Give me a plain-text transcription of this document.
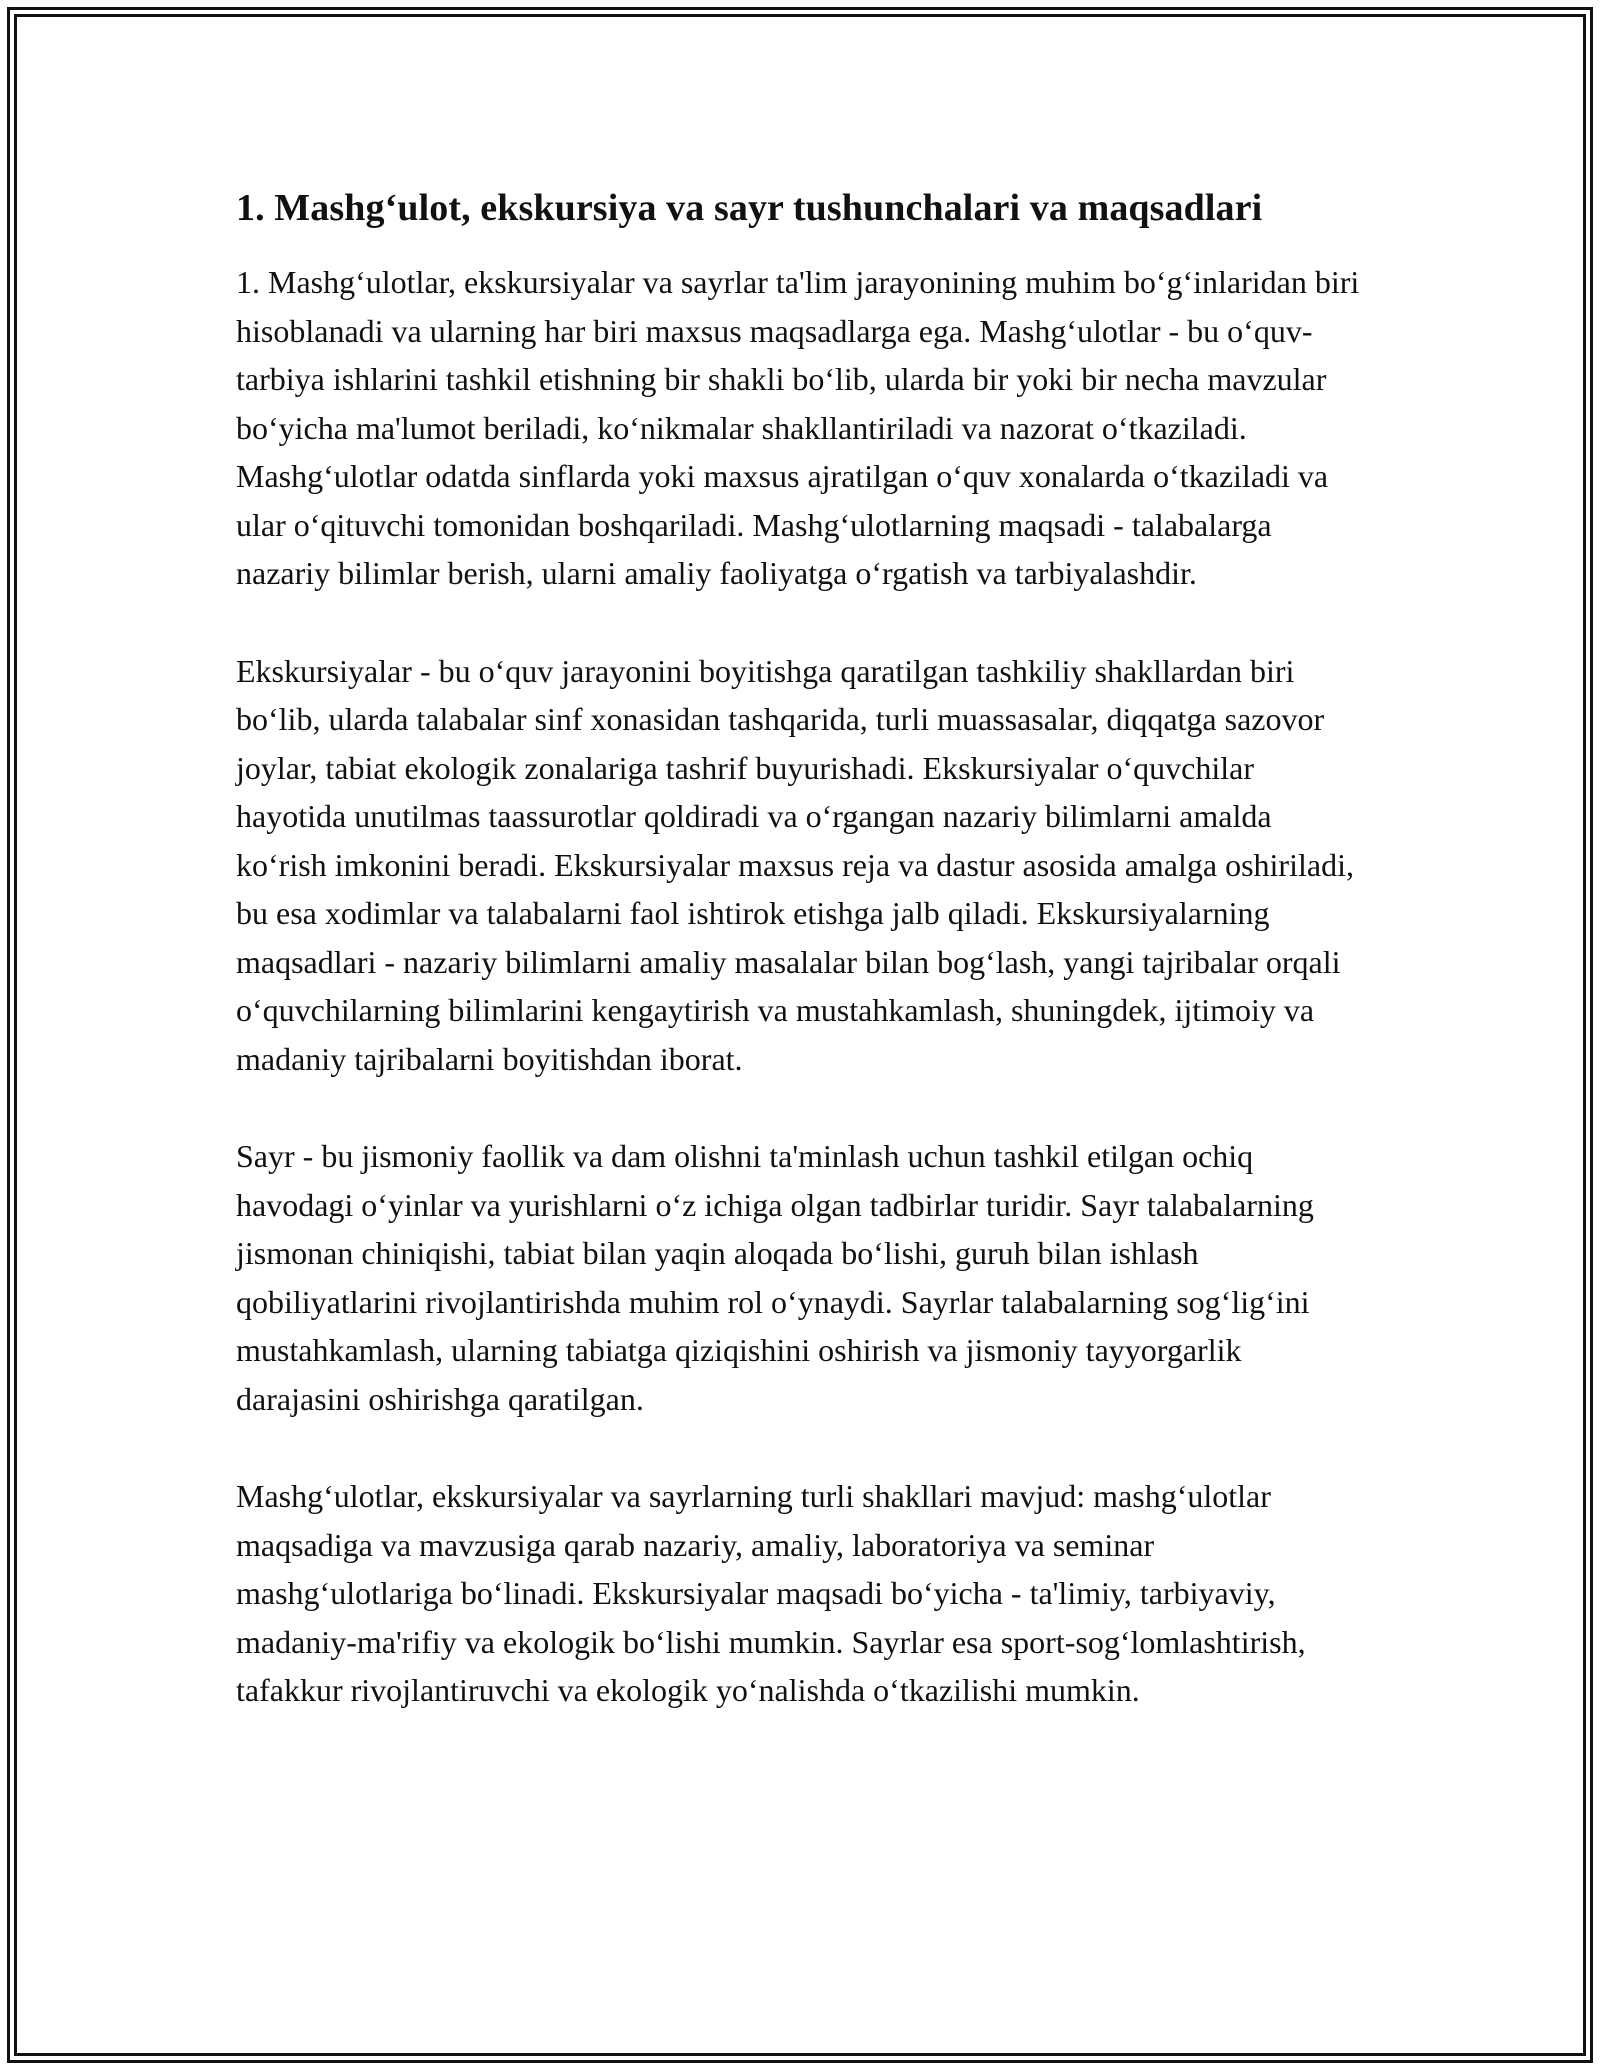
1. Mashg‘ulot, ekskursiya va sayr tushunchalari va maqsadlari

1. Mashg‘ulotlar, ekskursiyalar va sayrlar ta'lim jarayonining muhim bo‘g‘inlaridan biri hisoblanadi va ularning har biri maxsus maqsadlarga ega. Mashg‘ulotlar - bu o‘quv-tarbiya ishlarini tashkil etishning bir shakli bo‘lib, ularda bir yoki bir necha mavzular bo‘yicha ma'lumot beriladi, ko‘nikmalar shakllantiriladi va nazorat o‘tkaziladi. Mashg‘ulotlar odatda sinflarda yoki maxsus ajratilgan o‘quv xonalarda o‘tkaziladi va ular o‘qituvchi tomonidan boshqariladi. Mashg‘ulotlarning maqsadi - talabalarga nazariy bilimlar berish, ularni amaliy faoliyatga o‘rgatish va tarbiyalashdir.

Ekskursiyalar - bu o‘quv jarayonini boyitishga qaratilgan tashkiliy shakllardan biri bo‘lib, ularda talabalar sinf xonasidan tashqarida, turli muassasalar, diqqatga sazovor joylar, tabiat ekologik zonalariga tashrif buyurishadi. Ekskursiyalar o‘quvchilar hayotida unutilmas taassurotlar qoldiradi va o‘rgangan nazariy bilimlarni amalda ko‘rish imkonini beradi. Ekskursiyalar maxsus reja va dastur asosida amalga oshiriladi, bu esa xodimlar va talabalarni faol ishtirok etishga jalb qiladi. Ekskursiyalarning maqsadlari - nazariy bilimlarni amaliy masalalar bilan bog‘lash, yangi tajribalar orqali o‘quvchilarning bilimlarini kengaytirish va mustahkamlash, shuningdek, ijtimoiy va madaniy tajribalarni boyitishdan iborat.

Sayr - bu jismoniy faollik va dam olishni ta'minlash uchun tashkil etilgan ochiq havodagi o‘yinlar va yurishlarni o‘z ichiga olgan tadbirlar turidir. Sayr talabalarning jismonan chiniqishi, tabiat bilan yaqin aloqada bo‘lishi, guruh bilan ishlash qobiliyatlarini rivojlantirishda muhim rol o‘ynaydi. Sayrlar talabalarning sog‘lig‘ini mustahkamlash, ularning tabiatga qiziqishini oshirish va jismoniy tayyorgarlik darajasini oshirishga qaratilgan.

Mashg‘ulotlar, ekskursiyalar va sayrlarning turli shakllari mavjud: mashg‘ulotlar maqsadiga va mavzusiga qarab nazariy, amaliy, laboratoriya va seminar mashg‘ulotlariga bo‘linadi. Ekskursiyalar maqsadi bo‘yicha - ta'limiy, tarbiyaviy, madaniy-ma'rifiy va ekologik bo‘lishi mumkin. Sayrlar esa sport-sog‘lomlashtirish, tafakkur rivojlantiruvchi va ekologik yo‘nalishda o‘tkazilishi mumkin.
